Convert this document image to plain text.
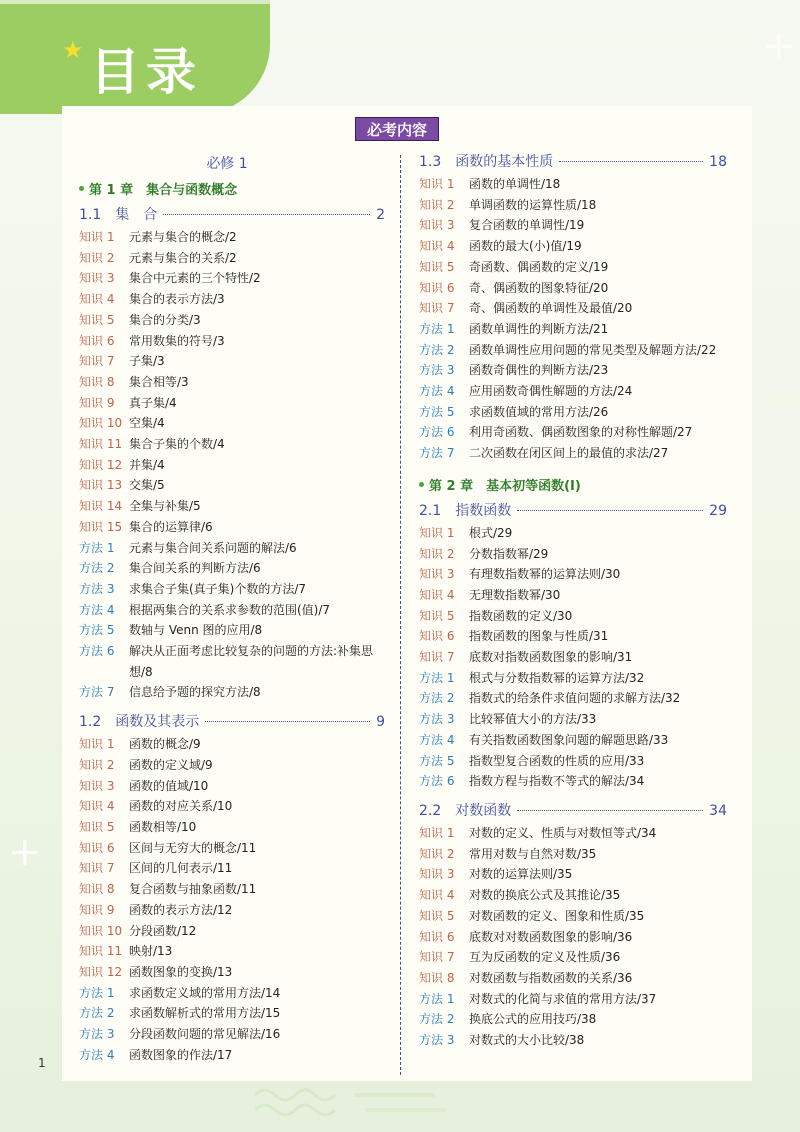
+
+
★ 目录
必考内容
必修 1
第 1 章　集合与函数概念
1.1　集　合	2
知识 1	元素与集合的概念/2
知识 2	元素与集合的关系/2
知识 3	集合中元素的三个特性/2
知识 4	集合的表示方法/3
知识 5	集合的分类/3
知识 6	常用数集的符号/3
知识 7	子集/3
知识 8	集合相等/3
知识 9	真子集/4
知识 10 空集/4
知识 11 集合子集的个数/4
知识 12 并集/4
知识 13 交集/5
知识 14 全集与补集/5
知识 15 集合的运算律/6
方法 1	元素与集合间关系问题的解法/6
方法 2	集合间关系的判断方法/6
方法 3	求集合子集(真子集)个数的方法/7
方法 4	根据两集合的关系求参数的范围(值)/7
方法 5	数轴与 Venn 图的应用/8
方法 6	解决从正面考虑比较复杂的问题的方法:补集思想/8
方法 7	信息给予题的探究方法/8
1.2　函数及其表示	9
知识 1	函数的概念/9
知识 2	函数的定义域/9
知识 3	函数的值域/10
知识 4	函数的对应关系/10
知识 5	函数相等/10
知识 6	区间与无穷大的概念/11
知识 7	区间的几何表示/11
知识 8	复合函数与抽象函数/11
知识 9	函数的表示方法/12
知识 10 分段函数/12
知识 11 映射/13
知识 12 函数图象的变换/13
方法 1	求函数定义域的常用方法/14
方法 2	求函数解析式的常用方法/15
方法 3	分段函数问题的常见解法/16
方法 4	函数图象的作法/17
1.3　函数的基本性质	18
知识 1	函数的单调性/18
知识 2	单调函数的运算性质/18
知识 3	复合函数的单调性/19
知识 4	函数的最大(小)值/19
知识 5	奇函数、偶函数的定义/19
知识 6	奇、偶函数的图象特征/20
知识 7	奇、偶函数的单调性及最值/20
方法 1	函数单调性的判断方法/21
方法 2	函数单调性应用问题的常见类型及解题方法/22
方法 3	函数奇偶性的判断方法/23
方法 4	应用函数奇偶性解题的方法/24
方法 5	求函数值域的常用方法/26
方法 6	利用奇函数、偶函数图象的对称性解题/27
方法 7	二次函数在闭区间上的最值的求法/27
第 2 章　基本初等函数(Ⅰ)
2.1　指数函数	29
知识 1	根式/29
知识 2	分数指数幂/29
知识 3	有理数指数幂的运算法则/30
知识 4	无理数指数幂/30
知识 5	指数函数的定义/30
知识 6	指数函数的图象与性质/31
知识 7	底数对指数函数图象的影响/31
方法 1	根式与分数指数幂的运算方法/32
方法 2	指数式的给条件求值问题的求解方法/32
方法 3	比较幂值大小的方法/33
方法 4	有关指数函数图象问题的解题思路/33
方法 5	指数型复合函数的性质的应用/33
方法 6	指数方程与指数不等式的解法/34
2.2　对数函数	34
知识 1	对数的定义、性质与对数恒等式/34
知识 2	常用对数与自然对数/35
知识 3	对数的运算法则/35
知识 4	对数的换底公式及其推论/35
知识 5	对数函数的定义、图象和性质/35
知识 6	底数对对数函数图象的影响/36
知识 7	互为反函数的定义及性质/36
知识 8	对数函数与指数函数的关系/36
方法 1	对数式的化简与求值的常用方法/37
方法 2	换底公式的应用技巧/38
方法 3	对数式的大小比较/38
1
